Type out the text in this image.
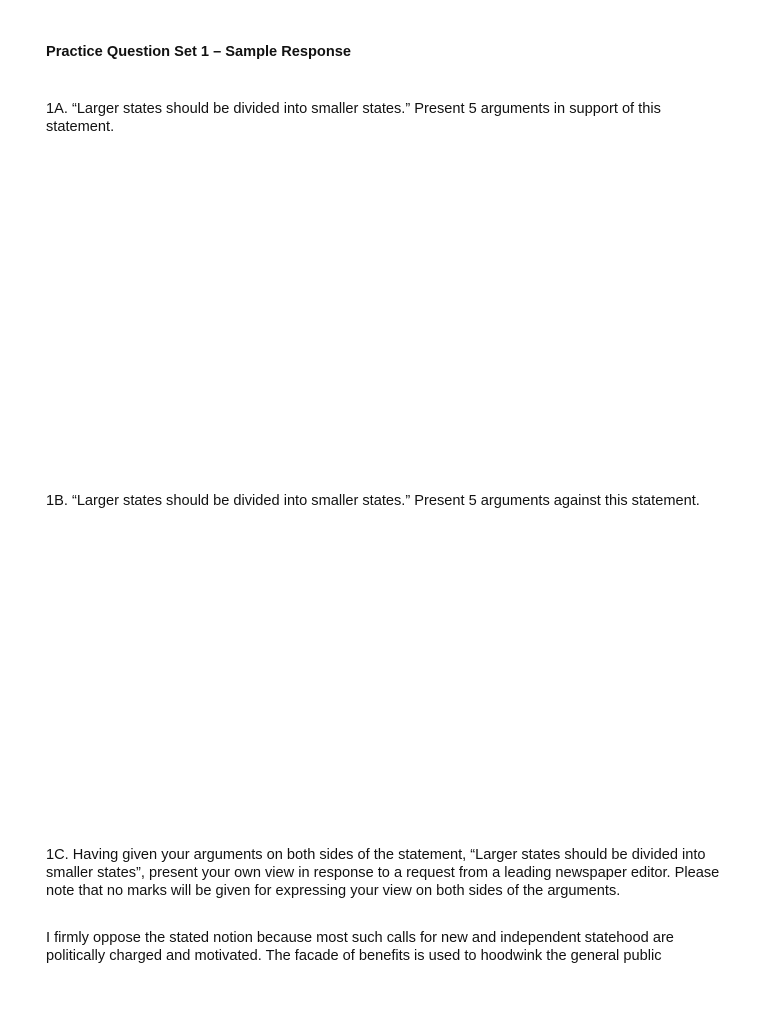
Practice Question Set 1 – Sample Response

1A. “Larger states should be divided into smaller states.” Present 5 arguments in support of this statement.

1B. “Larger states should be divided into smaller states.” Present 5 arguments against this statement.

1C. Having given your arguments on both sides of the statement, “Larger states should be divided into smaller states”, present your own view in response to a request from a leading newspaper editor. Please note that no marks will be given for expressing your view on both sides of the arguments.

I firmly oppose the stated notion because most such calls for new and independent statehood are politically charged and motivated. The facade of benefits is used to hoodwink the general public
